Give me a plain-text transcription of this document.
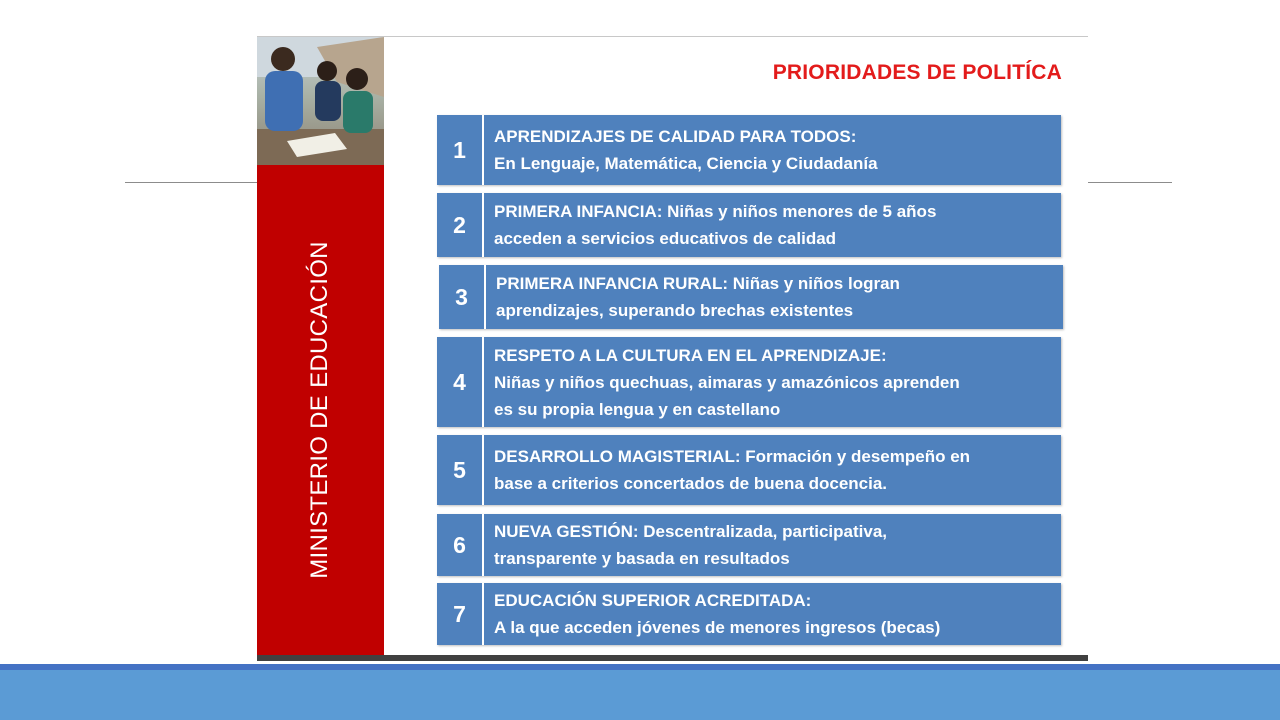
MINISTERIO DE EDUCACIÓN
PRIORIDADES DE POLITÍCA
1	APRENDIZAJES DE CALIDAD PARA TODOS:
En Lenguaje, Matemática, Ciencia y Ciudadanía
2	PRIMERA INFANCIA: Niñas y niños menores de 5 años
acceden a servicios educativos de calidad
3	PRIMERA INFANCIA RURAL: Niñas y niños logran
aprendizajes, superando brechas existentes
4
RESPETO A LA CULTURA EN EL APRENDIZAJE:
Niñas y niños quechuas, aimaras y amazónicos aprenden
es su propia lengua y en castellano
5	DESARROLLO MAGISTERIAL: Formación y desempeño en
base a criterios concertados de buena docencia.
6	NUEVA GESTIÓN: Descentralizada, participativa,
transparente y basada en resultados
7	EDUCACIÓN SUPERIOR ACREDITADA:
A la que acceden jóvenes de menores ingresos (becas)
